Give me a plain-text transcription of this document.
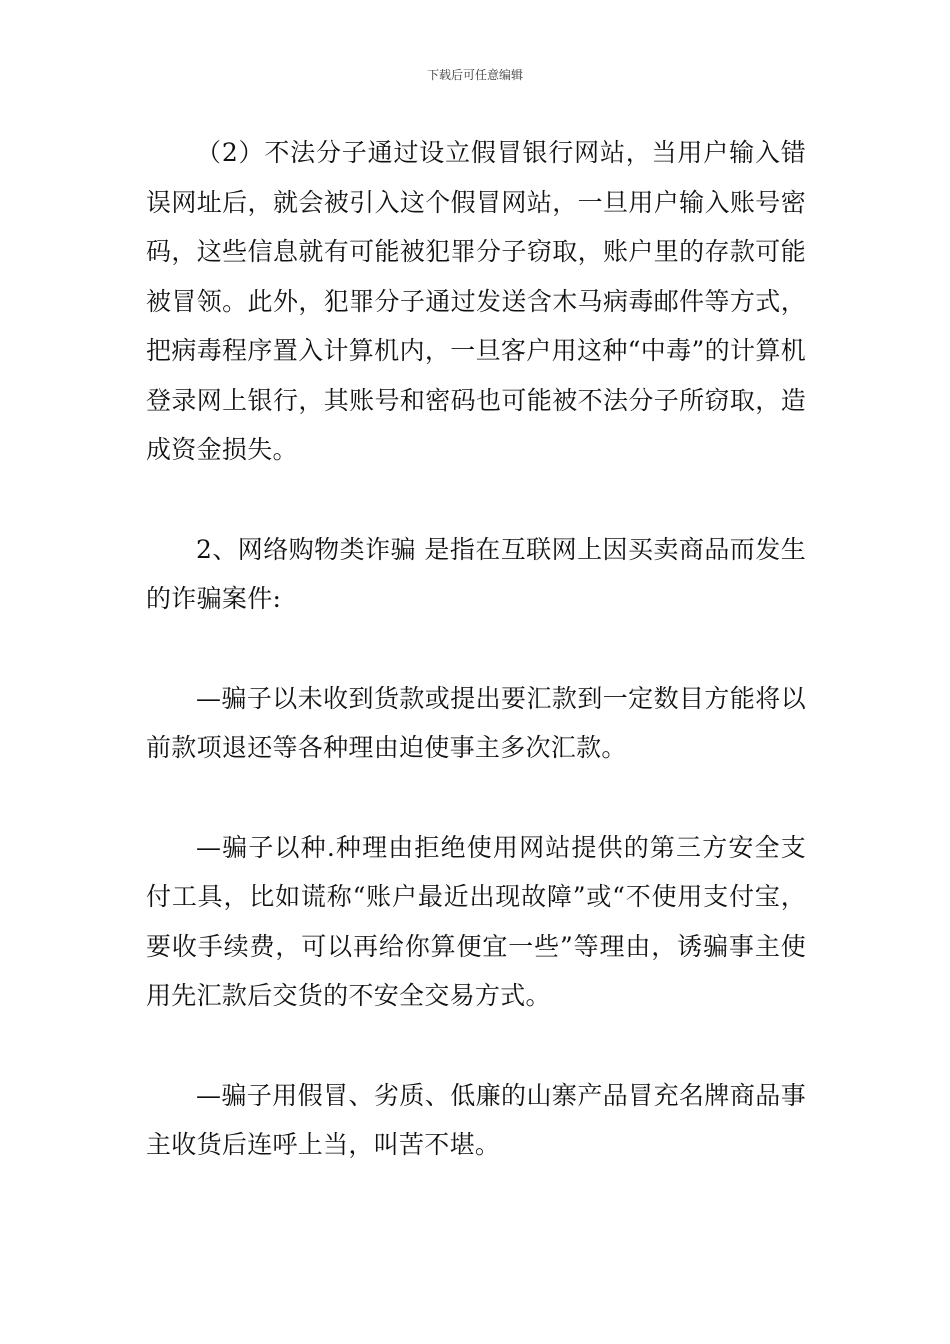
下载后可任意编辑

（2）不法分子通过设立假冒银行网站，当用户输入错误网址后，就会被引入这个假冒网站，一旦用户输入账号密码，这些信息就有可能被犯罪分子窃取，账户里的存款可能被冒领。此外，犯罪分子通过发送含木马病毒邮件等方式，把病毒程序置入计算机内，一旦客户用这种“中毒”的计算机登录网上银行，其账号和密码也可能被不法分子所窃取，造成资金损失。

2、网络购物类诈骗 是指在互联网上因买卖商品而发生的诈骗案件:

—骗子以未收到货款或提出要汇款到一定数目方能将以前款项退还等各种理由迫使事主多次汇款。

—骗子以种.种理由拒绝使用网站提供的第三方安全支付工具，比如谎称“账户最近出现故障”或“不使用支付宝，要收手续费，可以再给你算便宜一些”等理由，诱骗事主使用先汇款后交货的不安全交易方式。

—骗子用假冒、劣质、低廉的山寨产品冒充名牌商品事主收货后连呼上当，叫苦不堪。
